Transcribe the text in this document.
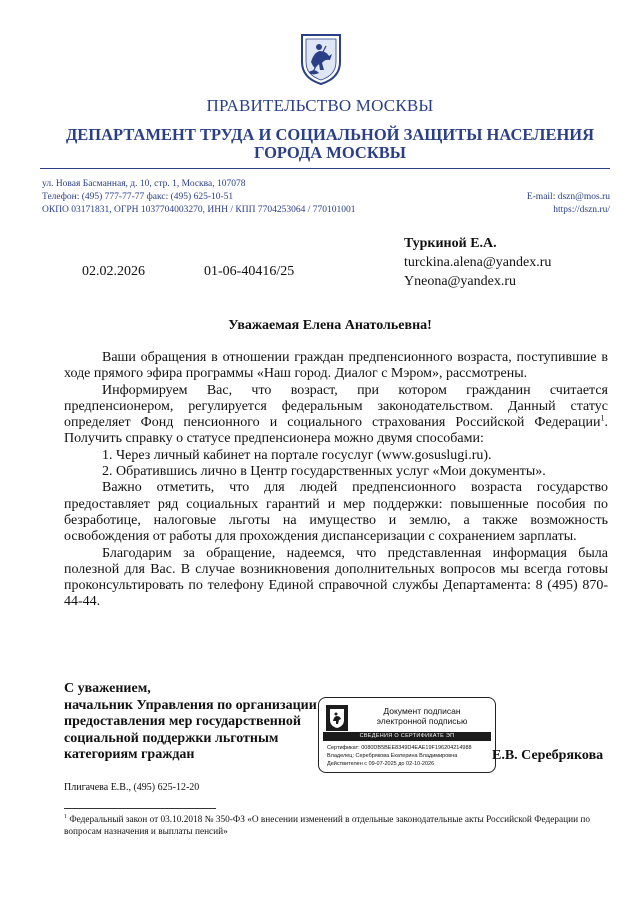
ПРАВИТЕЛЬСТВО МОСКВЫ
ДЕПАРТАМЕНТ ТРУДА И СОЦИАЛЬНОЙ ЗАЩИТЫ НАСЕЛЕНИЯ
ГОРОДА МОСКВЫ
ул. Новая Басманная, д. 10, стр. 1, Москва, 107078
Телефон: (495) 777-77-77 факс: (495) 625-10-51
ОКПО 03171831, ОГРН 1037704003270, ИНН / КПП 7704253064 / 770101001
E-mail: dszn@mos.ru
https://dszn.ru/
Туркиной Е.А.
turckina.alena@yandex.ru
Yneona@yandex.ru
02.02.2026	01-06-40416/25
Уважаемая Елена Анатольевна!

Ваши обращения в отношении граждан предпенсионного возраста, поступившие в ходе прямого эфира программы «Наш город. Диалог с Мэром», рассмотрены.

Информируем Вас, что возраст, при котором гражданин считается предпенсионером, регулируется федеральным законодательством. Данный статус определяет Фонд пенсионного и социального страхования Российской Федерации$^1$. Получить справку о статусе предпенсионера можно двумя способами:

1. Через личный кабинет на портале госуслуг (www.gosuslugi.ru).

2. Обратившись лично в Центр государственных услуг «Мои документы».

Важно отметить, что для людей предпенсионного возраста государство предоставляет ряд социальных гарантий и мер поддержки: повышенные пособия по безработице, налоговые льготы на имущество и землю, а также возможность освобождения от работы для прохождения диспансеризации с сохранением зарплаты.

Благодарим за обращение, надеемся, что представленная информация была полезной для Вас. В случае возникновения дополнительных вопросов мы всегда готовы проконсультировать по телефону Единой справочной службы Департамента: 8 (495) 870-44-44.

С уважением,
начальник Управления по организации
предоставления мер государственной
социальной поддержки льготным
категориям граждан
Документ подписан
электронной подписью
СВЕДЕНИЯ О СЕРТИФИКАТЕ ЭП
Сертификат: 0080DB5BEE8349D4EAE19F196204214988
Владелец: Серебрякова Екатерина Владимировна
Действителен с 09-07-2025 до 02-10-2026
Е.В. Серебрякова
Плигачева Е.В., (495) 625-12-20
$^1$ Федеральный закон от 03.10.2018 № 350-ФЗ «О внесении изменений в отдельные законодательные акты Российской Федерации по вопросам назначения и выплаты пенсий»
